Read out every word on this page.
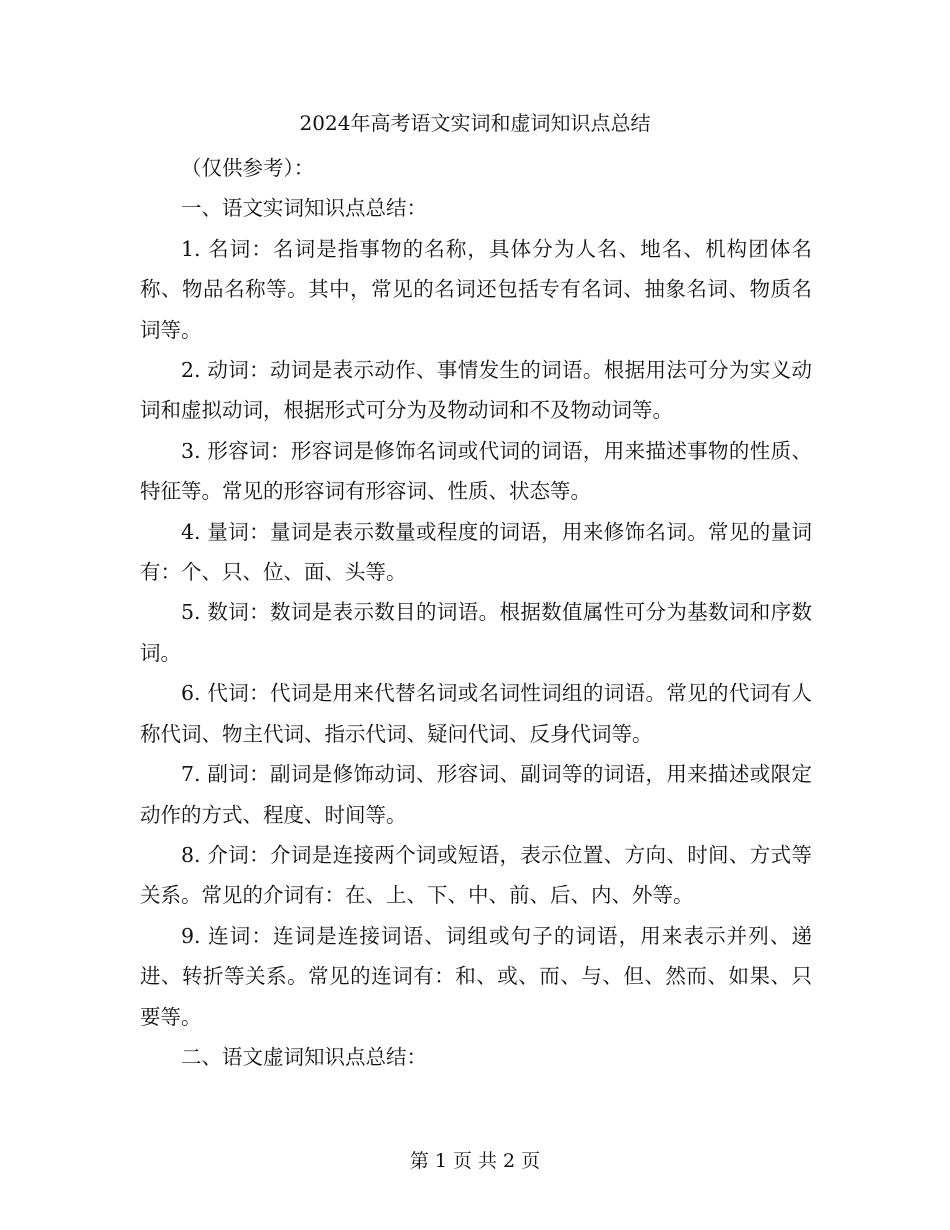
2024年高考语文实词和虚词知识点总结

（仅供参考）：

一、语文实词知识点总结：

1. 名词：名词是指事物的名称，具体分为人名、地名、机构团体名称、物品名称等。其中，常见的名词还包括专有名词、抽象名词、物质名词等。

2. 动词：动词是表示动作、事情发生的词语。根据用法可分为实义动词和虚拟动词，根据形式可分为及物动词和不及物动词等。

3. 形容词：形容词是修饰名词或代词的词语，用来描述事物的性质、特征等。常见的形容词有形容词、性质、状态等。

4. 量词：量词是表示数量或程度的词语，用来修饰名词。常见的量词有：个、只、位、面、头等。

5. 数词：数词是表示数目的词语。根据数值属性可分为基数词和序数词。

6. 代词：代词是用来代替名词或名词性词组的词语。常见的代词有人称代词、物主代词、指示代词、疑问代词、反身代词等。

7. 副词：副词是修饰动词、形容词、副词等的词语，用来描述或限定动作的方式、程度、时间等。

8. 介词：介词是连接两个词或短语，表示位置、方向、时间、方式等关系。常见的介词有：在、上、下、中、前、后、内、外等。

9. 连词：连词是连接词语、词组或句子的词语，用来表示并列、递进、转折等关系。常见的连词有：和、或、而、与、但、然而、如果、只要等。

二、语文虚词知识点总结：

第 1 页 共 2 页
